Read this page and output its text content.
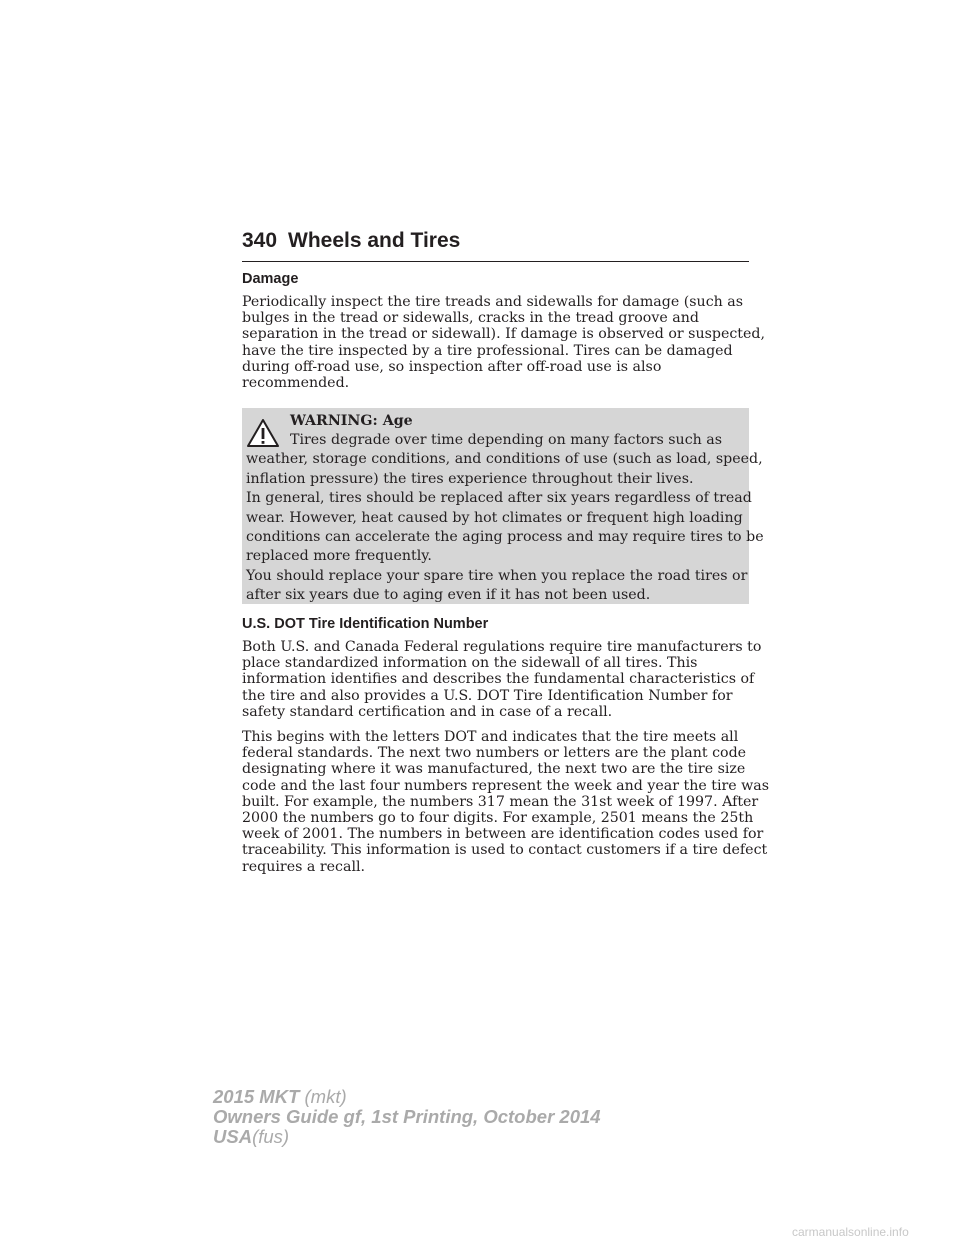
340 Wheels and Tires
Damage
Periodically inspect the tire treads and sidewalls for damage (such as
bulges in the tread or sidewalls, cracks in the tread groove and
separation in the tread or sidewall). If damage is observed or suspected,
have the tire inspected by a tire professional. Tires can be damaged
during off-road use, so inspection after off-road use is also
recommended.
WARNING: Age
Tires degrade over time depending on many factors such as
weather, storage conditions, and conditions of use (such as load, speed,
inflation pressure) the tires experience throughout their lives.
In general, tires should be replaced after six years regardless of tread
wear. However, heat caused by hot climates or frequent high loading
conditions can accelerate the aging process and may require tires to be
replaced more frequently.
You should replace your spare tire when you replace the road tires or
after six years due to aging even if it has not been used.
U.S. DOT Tire Identification Number
Both U.S. and Canada Federal regulations require tire manufacturers to
place standardized information on the sidewall of all tires. This
information identifies and describes the fundamental characteristics of
the tire and also provides a U.S. DOT Tire Identification Number for
safety standard certification and in case of a recall.
This begins with the letters DOT and indicates that the tire meets all
federal standards. The next two numbers or letters are the plant code
designating where it was manufactured, the next two are the tire size
code and the last four numbers represent the week and year the tire was
built. For example, the numbers 317 mean the 31st week of 1997. After
2000 the numbers go to four digits. For example, 2501 means the 25th
week of 2001. The numbers in between are identification codes used for
traceability. This information is used to contact customers if a tire defect
requires a recall.
2015 MKT (mkt)
Owners Guide gf, 1st Printing, October 2014
USA(fus)
carmanualsonline.info
